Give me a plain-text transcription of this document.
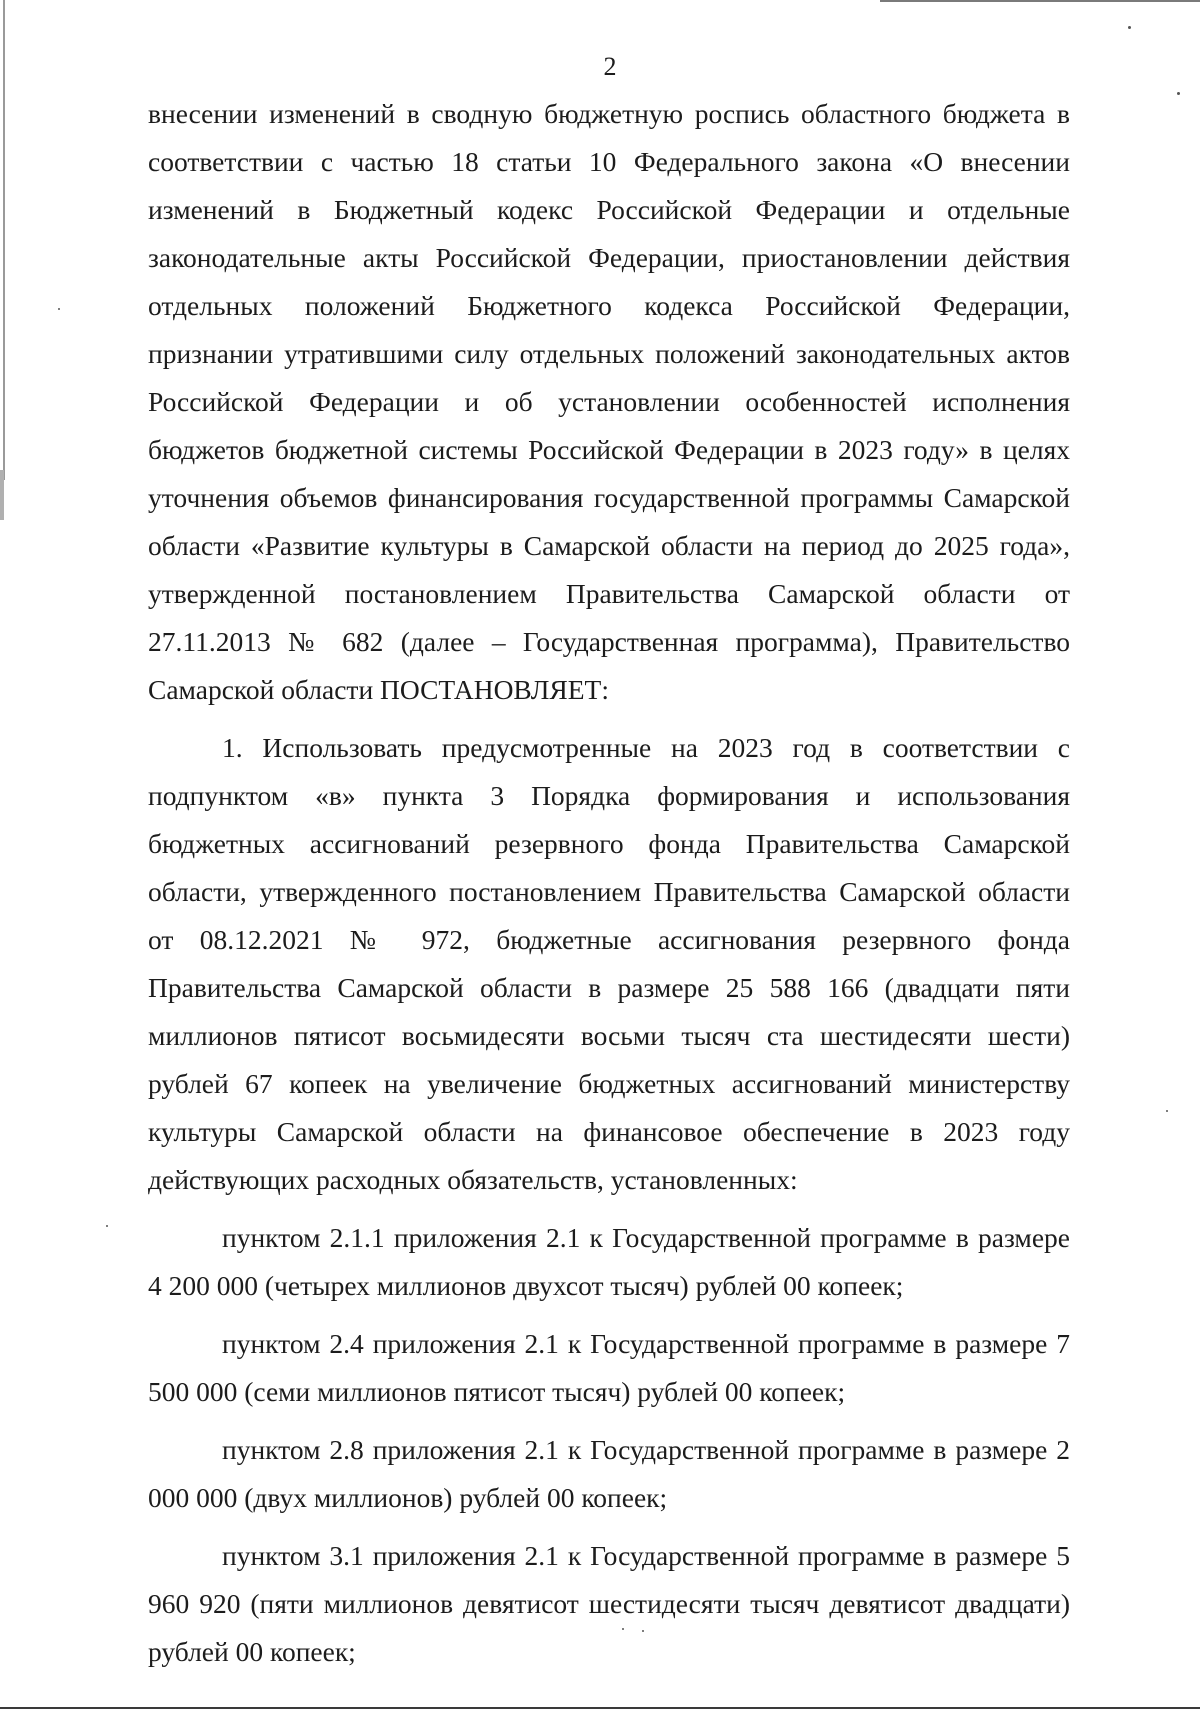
2

внесении изменений в сводную бюджетную роспись областного бюджета в соответствии с частью 18 статьи 10 Федерального закона «О внесении изменений в Бюджетный кодекс Российской Федерации и отдельные законодательные акты Российской Федерации, приостановлении действия отдельных положений Бюджетного кодекса Российской Федерации, признании утратившими силу отдельных положений законодательных актов Российской Федерации и об установлении особенностей исполнения бюджетов бюджетной системы Российской Федерации в 2023 году» в целях уточнения объемов финансирования государственной программы Самарской области «Развитие культуры в Самарской области на период до 2025 года», утвержденной постановлением Правительства Самарской области от 27.11.2013 № 682 (далее – Государственная программа), Правительство Самарской области ПОСТАНОВЛЯЕТ:

1. Использовать предусмотренные на 2023 год в соответствии с подпунктом «в» пункта 3 Порядка формирования и использования бюджетных ассигнований резервного фонда Правительства Самарской области, утвержденного постановлением Правительства Самарской области от 08.12.2021 № 972, бюджетные ассигнования резервного фонда Правительства Самарской области в размере 25 588 166 (двадцати пяти миллионов пятисот восьмидесяти восьми тысяч ста шестидесяти шести) рублей 67 копеек на увеличение бюджетных ассигнований министерству культуры Самарской области на финансовое обеспечение в 2023 году действующих расходных обязательств, установленных:

пунктом 2.1.1 приложения 2.1 к Государственной программе в размере 4 200 000 (четырех миллионов двухсот тысяч) рублей 00 копеек;

пунктом 2.4 приложения 2.1 к Государственной программе в размере 7 500 000 (семи миллионов пятисот тысяч) рублей 00 копеек;

пунктом 2.8 приложения 2.1 к Государственной программе в размере 2 000 000 (двух миллионов) рублей 00 копеек;

пунктом 3.1 приложения 2.1 к Государственной программе в размере 5 960 920 (пяти миллионов девятисот шестидесяти тысяч девятисот двадцати) рублей 00 копеек;
